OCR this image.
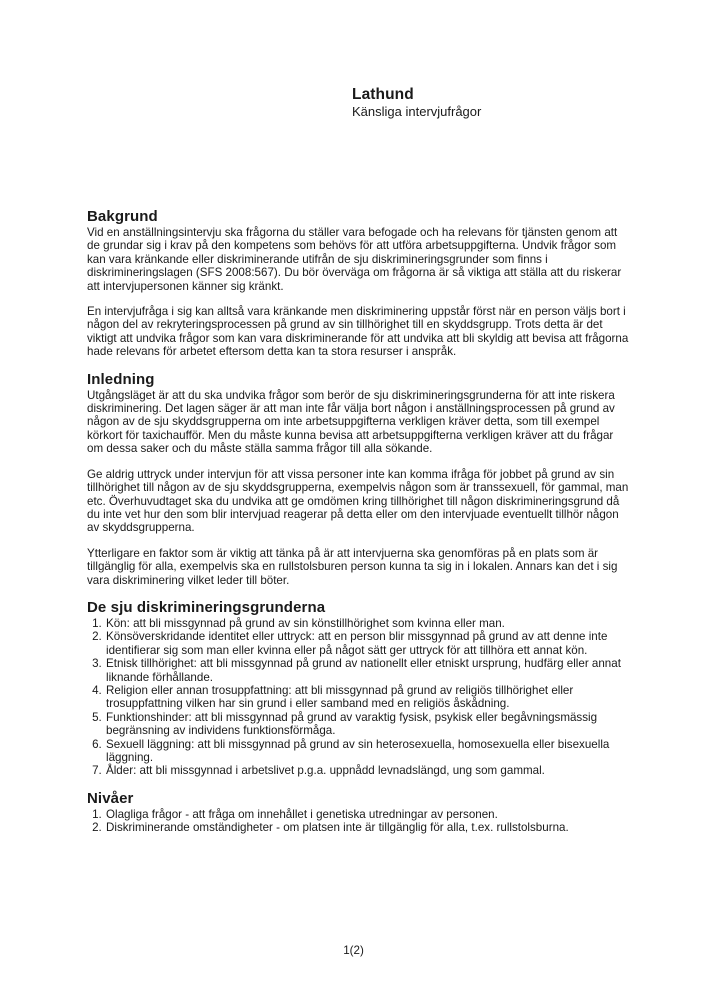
Lathund
Känsliga intervjufrågor
Bakgrund

Vid en anställningsintervju ska frågorna du ställer vara befogade och ha relevans för tjänsten genom att de grundar sig i krav på den kompetens som behövs för att utföra arbetsuppgifterna. Undvik frågor som kan vara kränkande eller diskriminerande utifrån de sju diskrimineringsgrunder som finns i diskrimineringslagen (SFS 2008:567). Du bör överväga om frågorna är så viktiga att ställa att du riskerar att intervjupersonen känner sig kränkt.

En intervjufråga i sig kan alltså vara kränkande men diskriminering uppstår först när en person väljs bort i någon del av rekryteringsprocessen på grund av sin tillhörighet till en skyddsgrupp. Trots detta är det viktigt att undvika frågor som kan vara diskriminerande för att undvika att bli skyldig att bevisa att frågorna hade relevans för arbetet eftersom detta kan ta stora resurser i anspråk.

Inledning

Utgångsläget är att du ska undvika frågor som berör de sju diskrimineringsgrunderna för att inte riskera diskriminering. Det lagen säger är att man inte får välja bort någon i anställningsprocessen på grund av någon av de sju skyddsgrupperna om inte arbetsuppgifterna verkligen kräver detta, som till exempel körkort för taxichaufför. Men du måste kunna bevisa att arbetsuppgifterna verkligen kräver att du frågar om dessa saker och du måste ställa samma frågor till alla sökande.

Ge aldrig uttryck under intervjun för att vissa personer inte kan komma ifråga för jobbet på grund av sin tillhörighet till någon av de sju skyddsgrupperna, exempelvis någon som är transsexuell, för gammal, man etc. Överhuvudtaget ska du undvika att ge omdömen kring tillhörighet till någon diskrimineringsgrund då du inte vet hur den som blir intervjuad reagerar på detta eller om den intervjuade eventuellt tillhör någon av skyddsgrupperna.

Ytterligare en faktor som är viktig att tänka på är att intervjuerna ska genomföras på en plats som är tillgänglig för alla, exempelvis ska en rullstolsburen person kunna ta sig in i lokalen. Annars kan det i sig vara diskriminering vilket leder till böter.

De sju diskrimineringsgrunderna
1. Kön: att bli missgynnad på grund av sin könstillhörighet som kvinna eller man.
2. Könsöverskridande identitet eller uttryck: att en person blir missgynnad på grund av att denne inte identifierar sig som man eller kvinna eller på något sätt ger uttryck för att tillhöra ett annat kön.
3. Etnisk tillhörighet: att bli missgynnad på grund av nationellt eller etniskt ursprung, hudfärg eller annat liknande förhållande.
4. Religion eller annan trosuppfattning: att bli missgynnad på grund av religiös tillhörighet eller trosuppfattning vilken har sin grund i eller samband med en religiös åskådning.
5. Funktionshinder: att bli missgynnad på grund av varaktig fysisk, psykisk eller begåvningsmässig begränsning av individens funktionsförmåga.
6. Sexuell läggning: att bli missgynnad på grund av sin heterosexuella, homosexuella eller bisexuella läggning.
7. Ålder: att bli missgynnad i arbetslivet p.g.a. uppnådd levnadslängd, ung som gammal.
Nivåer
1. Olagliga frågor - att fråga om innehållet i genetiska utredningar av personen.
2. Diskriminerande omständigheter - om platsen inte är tillgänglig för alla, t.ex. rullstolsburna.
1(2)
